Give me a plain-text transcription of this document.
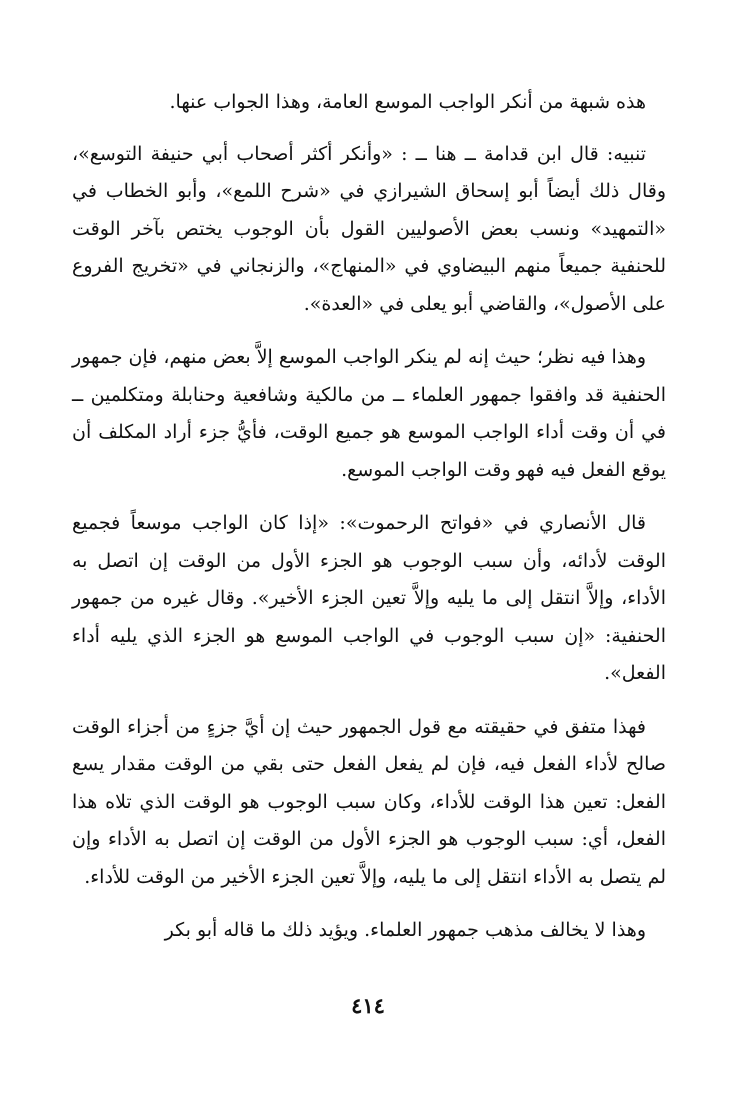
هذه شبهة من أنكر الواجب الموسع العامة، وهذا الجواب عنها.

تنبيه: قال ابن قدامة ــ هنا ــ : «وأنكر أكثر أصحاب أبي حنيفة التوسع»، وقال ذلك أيضاً أبو إسحاق الشيرازي في «شرح اللمع»، وأبو الخطاب في «التمهيد» ونسب بعض الأصوليين القول بأن الوجوب يختص بآخر الوقت للحنفية جميعاً منهم البيضاوي في «المنهاج»، والزنجاني في «تخريج الفروع على الأصول»، والقاضي أبو يعلى في «العدة».

وهذا فيه نظر؛ حيث إنه لم ينكر الواجب الموسع إلاَّ بعض منهم، فإن جمهور الحنفية قد وافقوا جمهور العلماء ــ من مالكية وشافعية وحنابلة ومتكلمين ــ في أن وقت أداء الواجب الموسع هو جميع الوقت، فأيُّ جزء أراد المكلف أن يوقع الفعل فيه فهو وقت الواجب الموسع.

قال الأنصاري في «فواتح الرحموت»: «إذا كان الواجب موسعاً فجميع الوقت لأدائه، وأن سبب الوجوب هو الجزء الأول من الوقت إن اتصل به الأداء، وإلاَّ انتقل إلى ما يليه وإلاَّ تعين الجزء الأخير». وقال غيره من جمهور الحنفية: «إن سبب الوجوب في الواجب الموسع هو الجزء الذي يليه أداء الفعل».

فهذا متفق في حقيقته مع قول الجمهور حيث إن أيَّ جزءٍ من أجزاء الوقت صالح لأداء الفعل فيه، فإن لم يفعل الفعل حتى بقي من الوقت مقدار يسع الفعل: تعين هذا الوقت للأداء، وكان سبب الوجوب هو الوقت الذي تلاه هذا الفعل، أي: سبب الوجوب هو الجزء الأول من الوقت إن اتصل به الأداء وإن لم يتصل به الأداء انتقل إلى ما يليه، وإلاَّ تعين الجزء الأخير من الوقت للأداء.

وهذا لا يخالف مذهب جمهور العلماء. ويؤيد ذلك ما قاله أبو بكر

٤١٤
